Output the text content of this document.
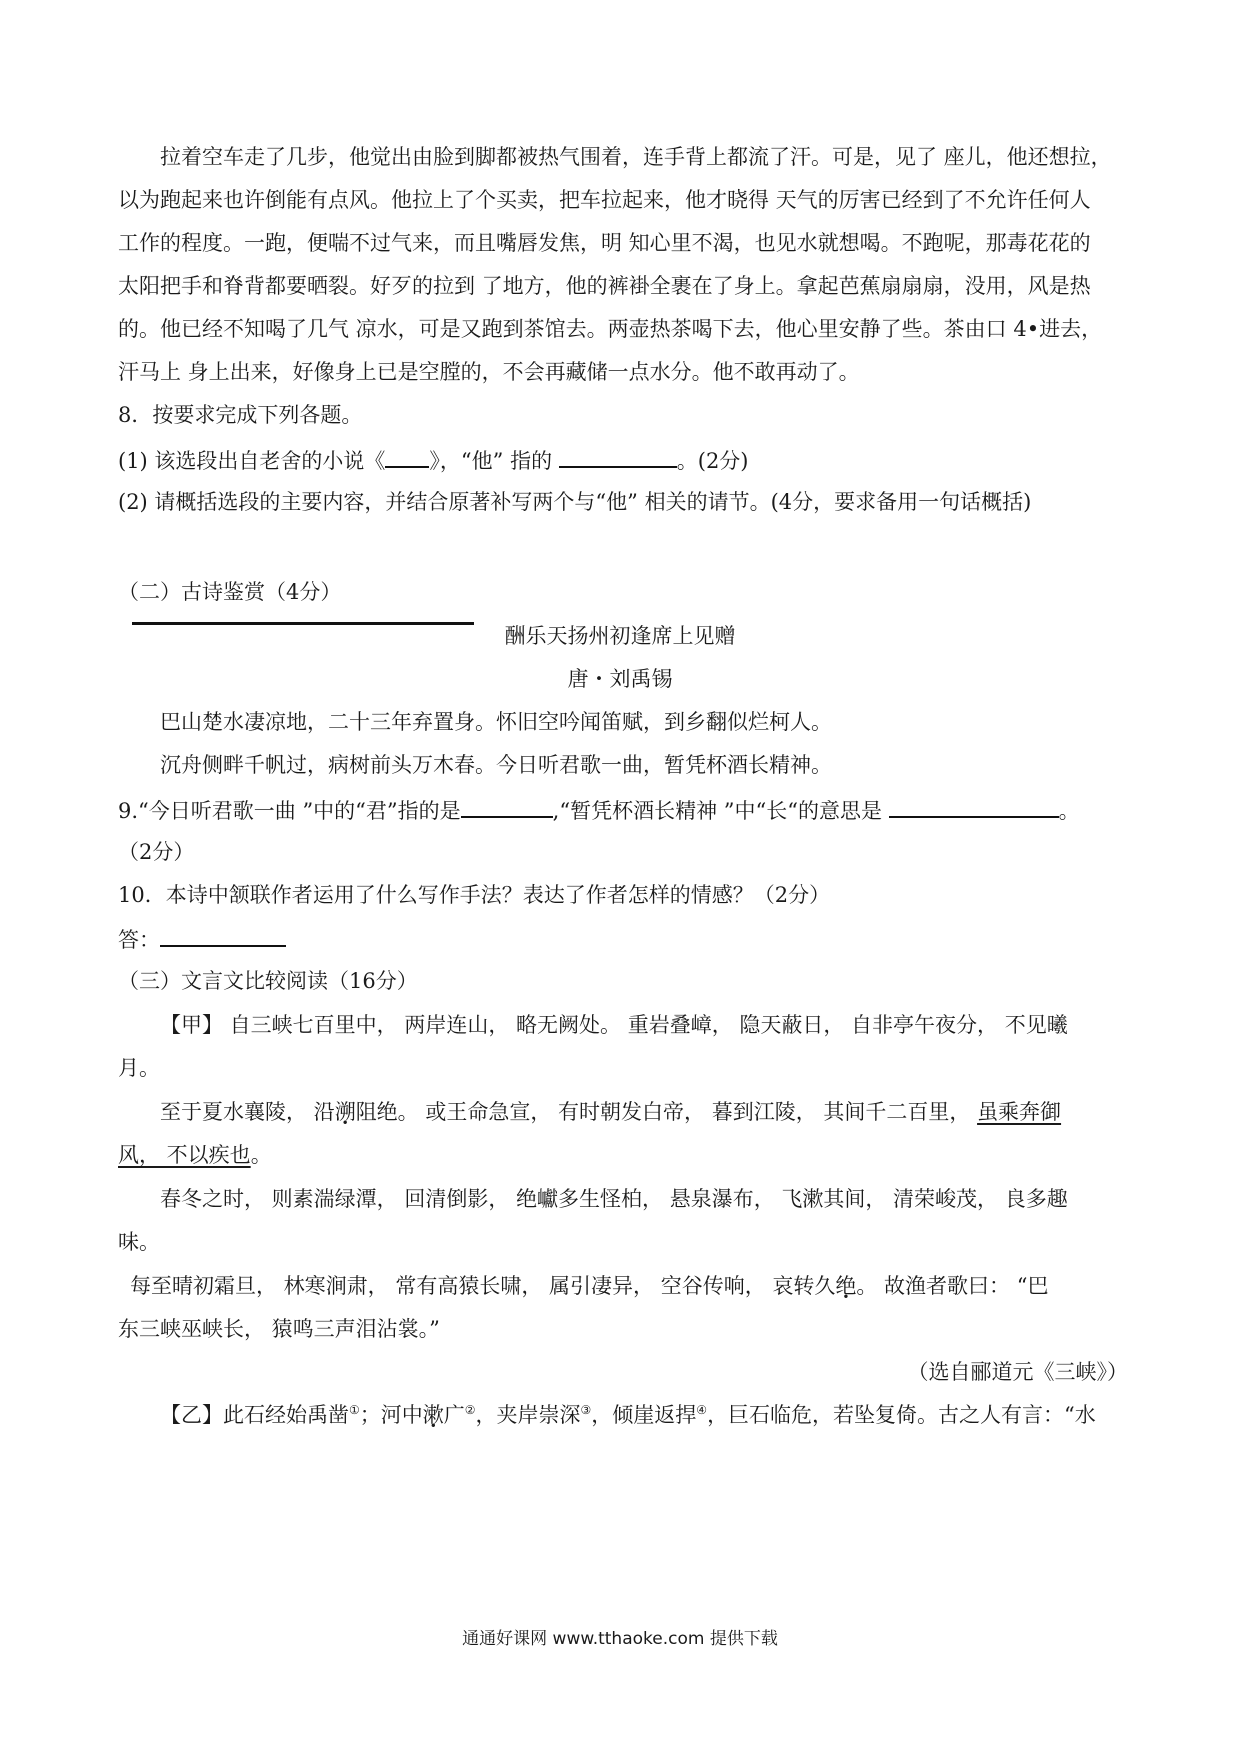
拉着空车走了几步，他觉出由脸到脚都被热气围着，连手背上都流了汗。可是，见了 座儿，他还想拉，
以为跑起来也许倒能有点风。他拉上了个买卖，把车拉起来，他才晓得 天气的厉害已经到了不允许任何人
工作的程度。一跑，便喘不过气来，而且嘴唇发焦，明 知心里不渴，也见水就想喝。不跑呢，那毒花花的
太阳把手和脊背都要晒裂。好歹的拉到 了地方，他的裤褂全裹在了身上。拿起芭蕉扇扇扇，没用，风是热
的。他已经不知喝了几气 凉水，可是又跑到茶馆去。两壶热茶喝下去，他心里安静了些。茶由口 4•进去，
汗马上 身上出来，好像身上已是空膛的，不会再藏储一点水分。他不敢再动了。
8．按要求完成下列各题。
(1) 该选段出自老舍的小说《 》，“他” 指的	。(2分)
(2) 请概括选段的主要内容，并结合原著补写两个与“他” 相关的请节。(4分，要求备用一句话概括)
（二）古诗鉴赏（4分）
酬乐天扬州初逢席上见赠
唐・刘禹锡
巴山楚水凄凉地，二十三年弃置身。怀旧空吟闻笛赋，到乡翻似烂柯人。
沉舟侧畔千帆过，病树前头万木春。今日听君歌一曲，暂凭杯酒长精神。
9.“今日听君歌一曲 ”中的“君”指的是	,“暂凭杯酒长精神 ”中“长“的意思是	。
（2分）
10．本诗中颔联作者运用了什么写作手法？表达了作者怎样的情感？（2分）
答：
（三）文言文比较阅读（16分）
【甲】 自三峡七百里中， 两岸连山， 略无阙处。 重岩叠嶂， 隐天蔽日， 自非亭午夜分， 不见曦
月。
至于夏水襄陵， 沿溯阻绝。 或王命急宣， 有时朝发白帝， 暮到江陵， 其间千二百里， 虽乘奔御
风， 不以疾也。
春冬之时， 则素湍绿潭， 回清倒影， 绝巘多生怪柏， 悬泉瀑布， 飞漱其间， 清荣峻茂， 良多趣
味。
每至晴初霜旦， 林寒涧肃， 常有高猿长啸， 属引凄异， 空谷传响， 哀转久绝。 故渔者歌曰： “巴
东三峡巫峡长， 猿鸣三声泪沾裳。”
（选自郦道元《三峡》）
【乙】此石经始禹凿①；河中漱广②，夹岸崇深③，倾崖返捍④，巨石临危，若坠复倚。古之人有言：“水
通通好课网 www.tthaoke.com 提供下载
